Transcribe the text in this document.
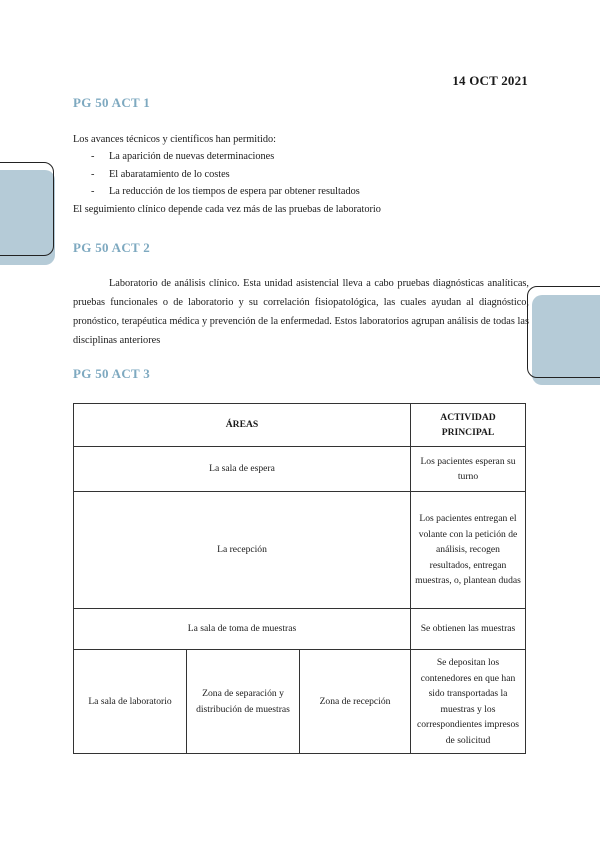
14 OCT 2021
PG 50 ACT 1

Los avances técnicos y científicos han permitido:

- La aparición de nuevas determinaciones
- El abaratamiento de lo costes
- La reducción de los tiempos de espera par obtener resultados

El seguimiento clínico depende cada vez más de las pruebas de laboratorio

PG 50 ACT 2

Laboratorio de análisis clínico. Esta unidad asistencial lleva a cabo pruebas diagnósticas analíticas, pruebas funcionales o de laboratorio y su correlación fisiopatológica, las cuales ayudan al diagnóstico, pronóstico, terapéutica médica y prevención de la enfermedad. Estos laboratorios agrupan análisis de todas las disciplinas anteriores

PG 50 ACT 3
ÁREAS			ACTIVIDAD PRINCIPAL
La sala de espera			Los pacientes esperan su turno
La recepción			Los pacientes entregan el volante con la petición de análisis, recogen resultados, entregan muestras, o, plantean dudas
La sala de toma de muestras			Se obtienen las muestras
La sala de laboratorio	Zona de separación y distribución de muestras	Zona de recepción	Se depositan los contenedores en que han sido transportadas la muestras y los correspondientes impresos de solicitud
